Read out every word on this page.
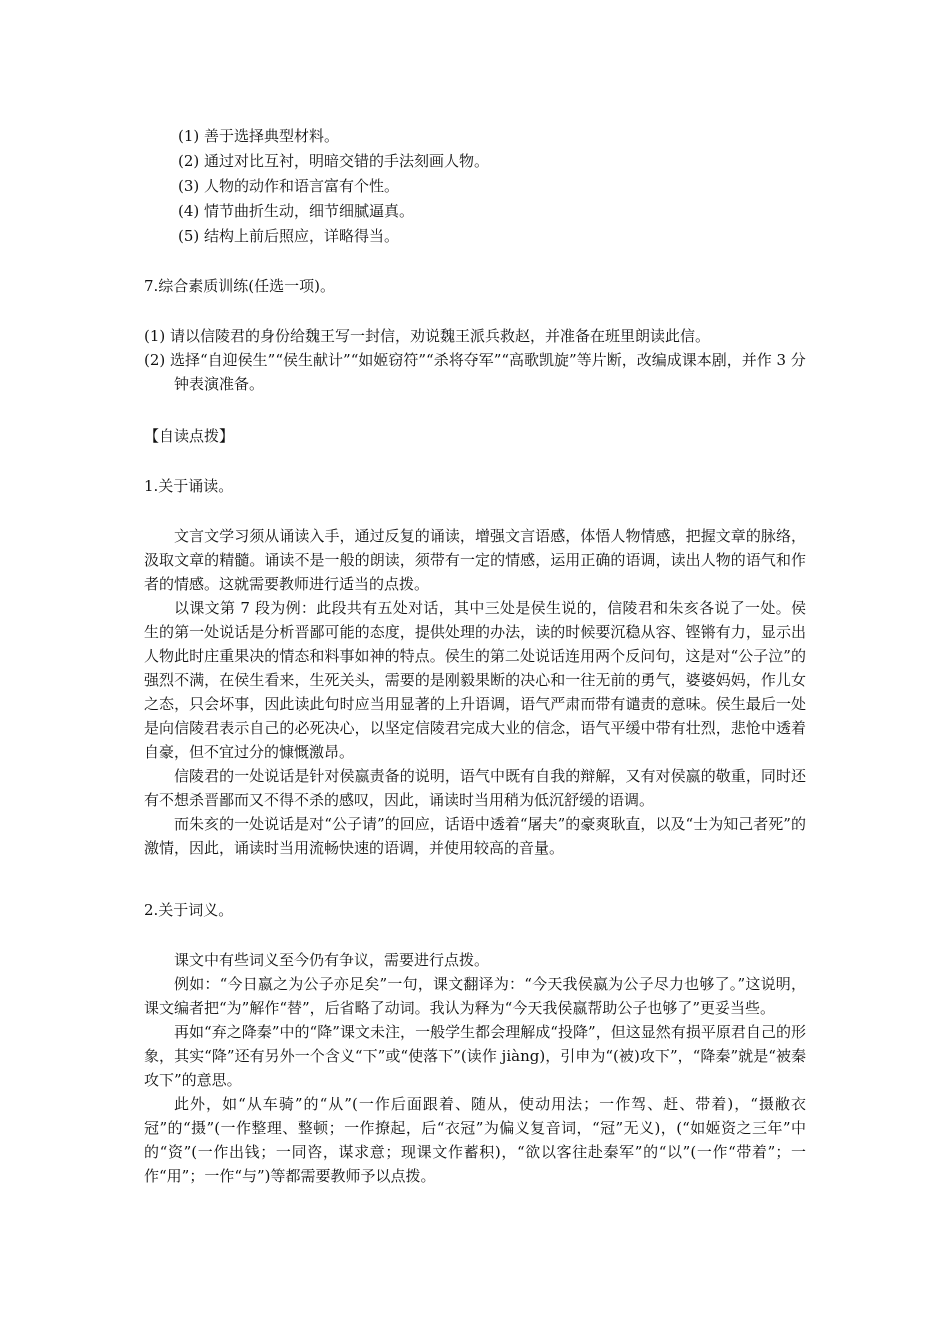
(1) 善于选择典型材料。
(2) 通过对比互衬，明暗交错的手法刻画人物。
(3) 人物的动作和语言富有个性。
(4) 情节曲折生动，细节细腻逼真。
(5) 结构上前后照应，详略得当。
7.综合素质训练(任选一项)。
(1) 请以信陵君的身份给魏王写一封信，劝说魏王派兵救赵，并准备在班里朗读此信。
(2) 选择“自迎侯生”“侯生献计”“如姬窃符”“杀将夺军”“高歌凯旋”等片断，改编成课本剧，并作 3 分钟表演准备。
【自读点拨】
1.关于诵读。

文言文学习须从诵读入手，通过反复的诵读，增强文言语感，体悟人物情感，把握文章的脉络，汲取文章的精髓。诵读不是一般的朗读，须带有一定的情感，运用正确的语调，读出人物的语气和作者的情感。这就需要教师进行适当的点拨。

以课文第 7 段为例：此段共有五处对话，其中三处是侯生说的，信陵君和朱亥各说了一处。侯生的第一处说话是分析晋鄙可能的态度，提供处理的办法，读的时候要沉稳从容、铿锵有力，显示出人物此时庄重果决的情态和料事如神的特点。侯生的第二处说话连用两个反问句，这是对“公子泣”的强烈不满，在侯生看来，生死关头，需要的是刚毅果断的决心和一往无前的勇气，婆婆妈妈，作儿女之态，只会坏事，因此读此句时应当用显著的上升语调，语气严肃而带有谴责的意味。侯生最后一处是向信陵君表示自己的必死决心，以坚定信陵君完成大业的信念，语气平缓中带有壮烈，悲怆中透着自豪，但不宜过分的慷慨激昂。

信陵君的一处说话是针对侯嬴责备的说明，语气中既有自我的辩解，又有对侯嬴的敬重，同时还有不想杀晋鄙而又不得不杀的感叹，因此，诵读时当用稍为低沉舒缓的语调。

而朱亥的一处说话是对“公子请”的回应，话语中透着“屠夫”的豪爽耿直，以及“士为知己者死”的激情，因此，诵读时当用流畅快速的语调，并使用较高的音量。

2.关于词义。

课文中有些词义至今仍有争议，需要进行点拨。

例如：“今日嬴之为公子亦足矣”一句，课文翻译为：“今天我侯嬴为公子尽力也够了。”这说明，课文编者把“为”解作“替”，后省略了动词。我认为释为“今天我侯嬴帮助公子也够了”更妥当些。

再如“弃之降秦”中的“降”课文未注，一般学生都会理解成“投降”，但这显然有损平原君自己的形象，其实“降”还有另外一个含义“下”或“使落下”(读作 jiàng)，引申为“(被)攻下”，“降秦”就是“被秦攻下”的意思。

此外，如“从车骑”的“从”(一作后面跟着、随从，使动用法；一作驾、赶、带着)，“摄敝衣冠”的“摄”(一作整理、整顿；一作撩起，后“衣冠”为偏义复音词，“冠”无义)，(“如姬资之三年”中的“资”(一作出钱；一同咨，谋求意；现课文作蓄积)，“欲以客往赴秦军”的“以”(一作“带着”；一作“用”；一作“与”)等都需要教师予以点拨。
